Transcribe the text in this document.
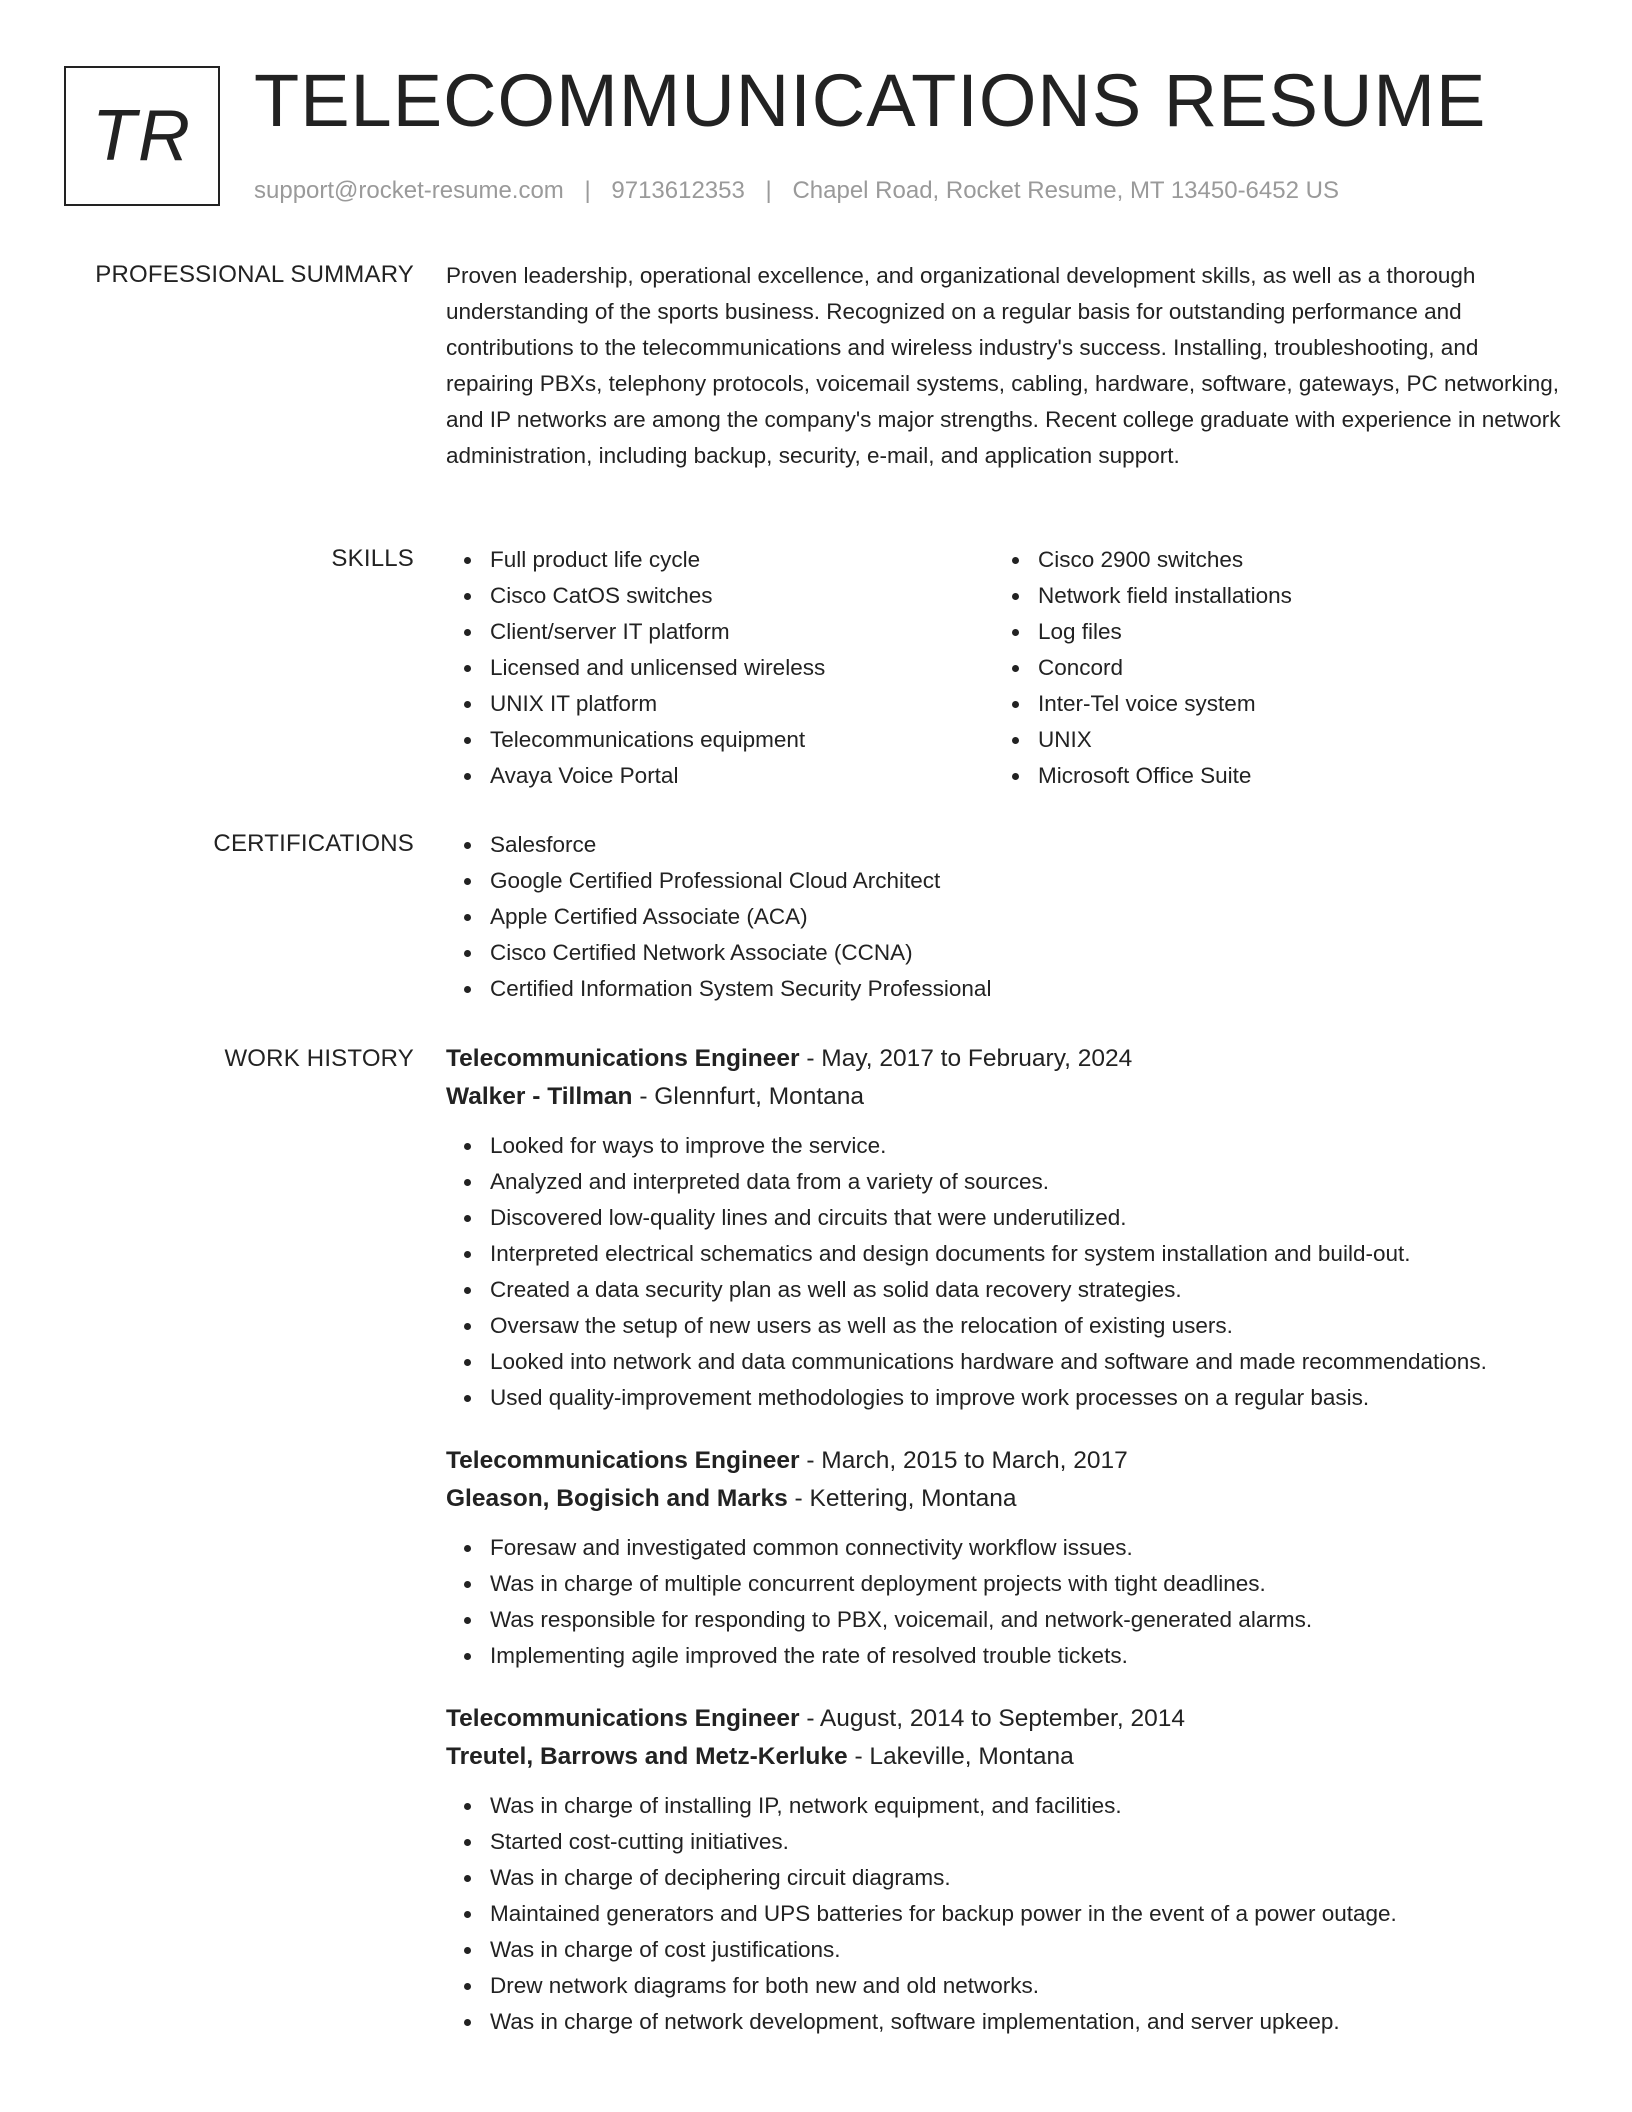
TR TELECOMMUNICATIONS RESUME
support@rocket-resume.com | 9713612353 | Chapel Road, Rocket Resume, MT 13450-6452 US
PROFESSIONAL SUMMARY Proven leadership, operational excellence, and organizational development skills, as well as a thorough understanding of the sports business. Recognized on a regular basis for outstanding performance and contributions to the telecommunications and wireless industry's success. Installing, troubleshooting, and repairing PBXs, telephony protocols, voicemail systems, cabling, hardware, software, gateways, PC networking, and IP networks are among the company's major strengths. Recent college graduate with experience in network administration, including backup, security, e-mail, and application support.

SKILLS	Full product life cycle
Cisco CatOS switches
Client/server IT platform
Licensed and unlicensed wireless
UNIX IT platform
Telecommunications equipment
Avaya Voice Portal
Cisco 2900 switches
Network field installations
Log files
Concord
Inter-Tel voice system
UNIX
Microsoft Office Suite
CERTIFICATIONS	Salesforce
Google Certified Professional Cloud Architect
Apple Certified Associate (ACA)
Cisco Certified Network Associate (CCNA)
Certified Information System Security Professional
WORK HISTORY Telecommunications Engineer - May, 2017 to February, 2024
Walker - Tillman - Glennfurt, Montana
Looked for ways to improve the service.
Analyzed and interpreted data from a variety of sources.
Discovered low-quality lines and circuits that were underutilized.
Interpreted electrical schematics and design documents for system installation and build-out.
Created a data security plan as well as solid data recovery strategies.
Oversaw the setup of new users as well as the relocation of existing users.
Looked into network and data communications hardware and software and made recommendations.
Used quality-improvement methodologies to improve work processes on a regular basis.
Telecommunications Engineer - March, 2015 to March, 2017
Gleason, Bogisich and Marks - Kettering, Montana
Foresaw and investigated common connectivity workflow issues.
Was in charge of multiple concurrent deployment projects with tight deadlines.
Was responsible for responding to PBX, voicemail, and network-generated alarms.
Implementing agile improved the rate of resolved trouble tickets.
Telecommunications Engineer - August, 2014 to September, 2014
Treutel, Barrows and Metz-Kerluke - Lakeville, Montana
Was in charge of installing IP, network equipment, and facilities.
Started cost-cutting initiatives.
Was in charge of deciphering circuit diagrams.
Maintained generators and UPS batteries for backup power in the event of a power outage.
Was in charge of cost justifications.
Drew network diagrams for both new and old networks.
Was in charge of network development, software implementation, and server upkeep.
